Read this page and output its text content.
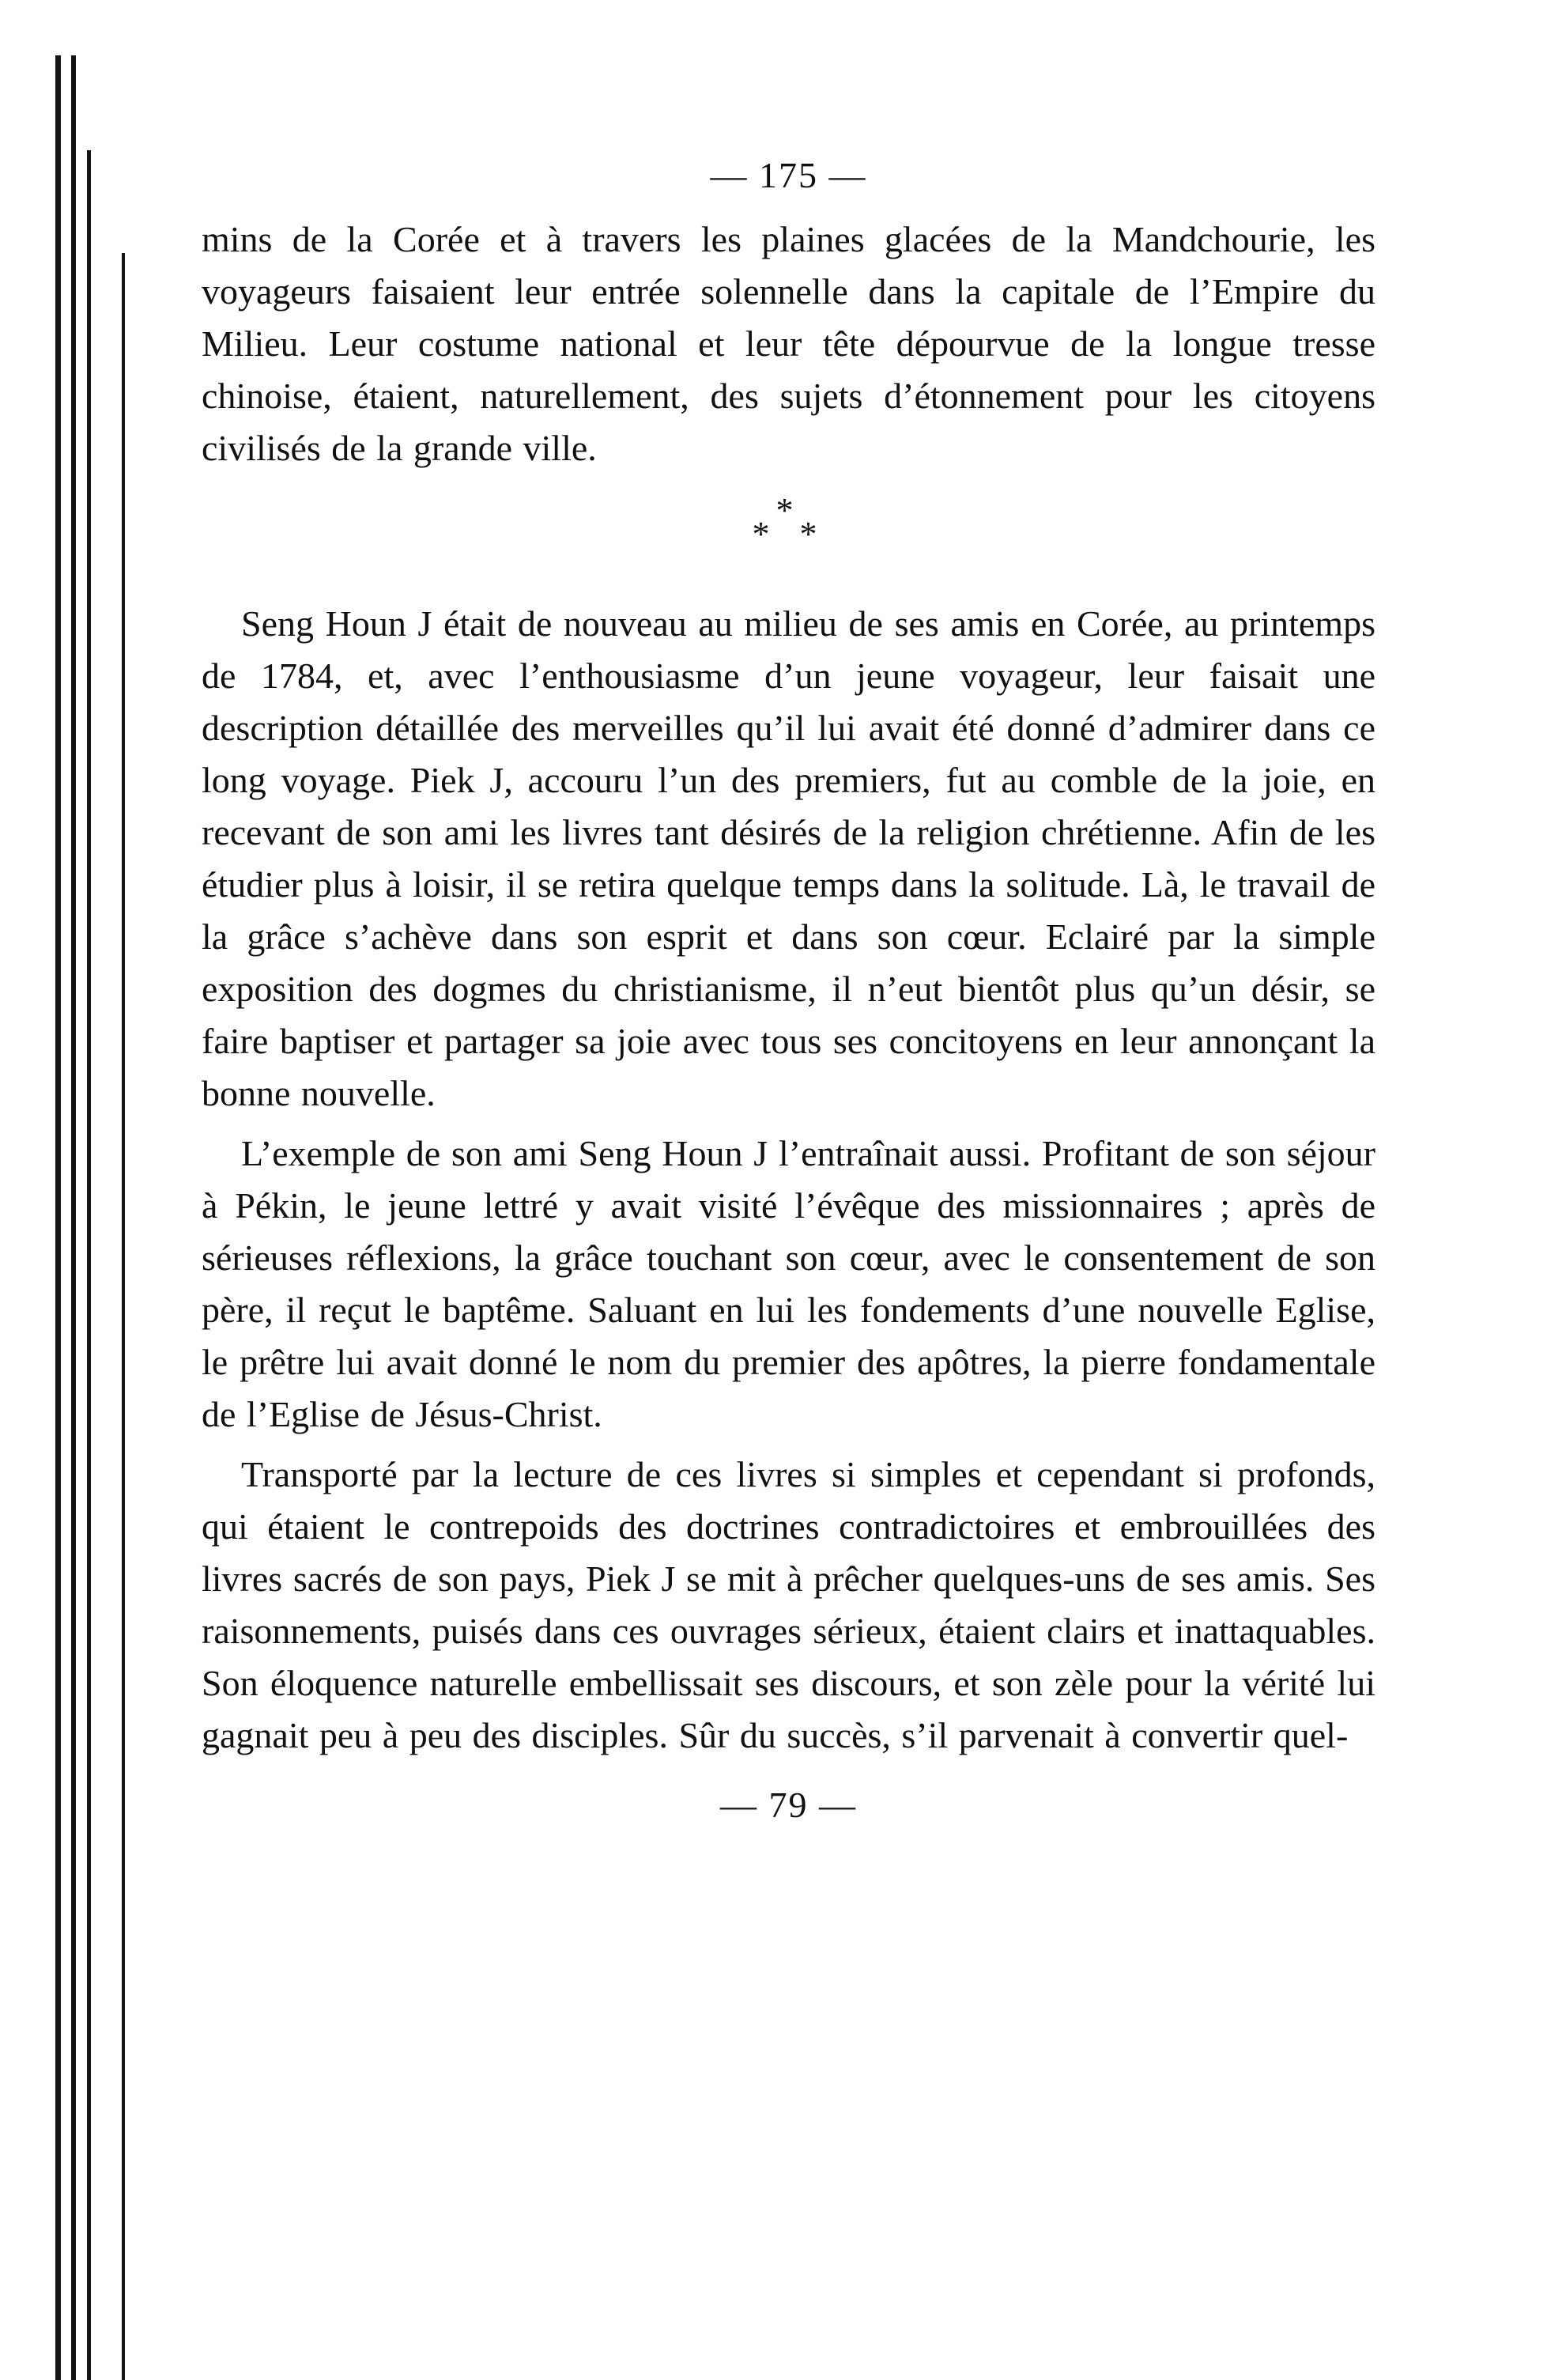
— 175 —

mins de la Corée et à travers les plaines glacées de la Mandchourie, les voyageurs faisaient leur entrée solennelle dans la capitale de l’Empire du Milieu. Leur costume national et leur tête dépourvue de la longue tresse chinoise, étaient, naturellement, des sujets d’étonnement pour les citoyens civilisés de la grande ville.

*
* *

Seng Houn J était de nouveau au milieu de ses amis en Corée, au printemps de 1784, et, avec l’enthousiasme d’un jeune voyageur, leur faisait une description détaillée des merveilles qu’il lui avait été donné d’admirer dans ce long voyage. Piek J, accouru l’un des premiers, fut au comble de la joie, en recevant de son ami les livres tant désirés de la religion chrétienne. Afin de les étudier plus à loisir, il se retira quelque temps dans la solitude. Là, le travail de la grâce s’achève dans son esprit et dans son cœur. Eclairé par la simple exposition des dogmes du christianisme, il n’eut bientôt plus qu’un désir, se faire baptiser et partager sa joie avec tous ses concitoyens en leur annonçant la bonne nouvelle.

L’exemple de son ami Seng Houn J l’entraînait aussi. Profitant de son séjour à Pékin, le jeune lettré y avait visité l’évêque des missionnaires ; après de sérieuses réflexions, la grâce touchant son cœur, avec le consentement de son père, il reçut le baptême. Saluant en lui les fondements d’une nouvelle Eglise, le prêtre lui avait donné le nom du premier des apôtres, la pierre fondamentale de l’Eglise de Jésus-Christ.

Transporté par la lecture de ces livres si simples et cependant si profonds, qui étaient le contrepoids des doctrines contradictoires et embrouillées des livres sacrés de son pays, Piek J se mit à prêcher quelques-uns de ses amis. Ses raisonnements, puisés dans ces ouvrages sérieux, étaient clairs et inattaquables. Son éloquence naturelle embellissait ses discours, et son zèle pour la vérité lui gagnait peu à peu des disciples. Sûr du succès, s’il parvenait à convertir quel-

— 79 —
